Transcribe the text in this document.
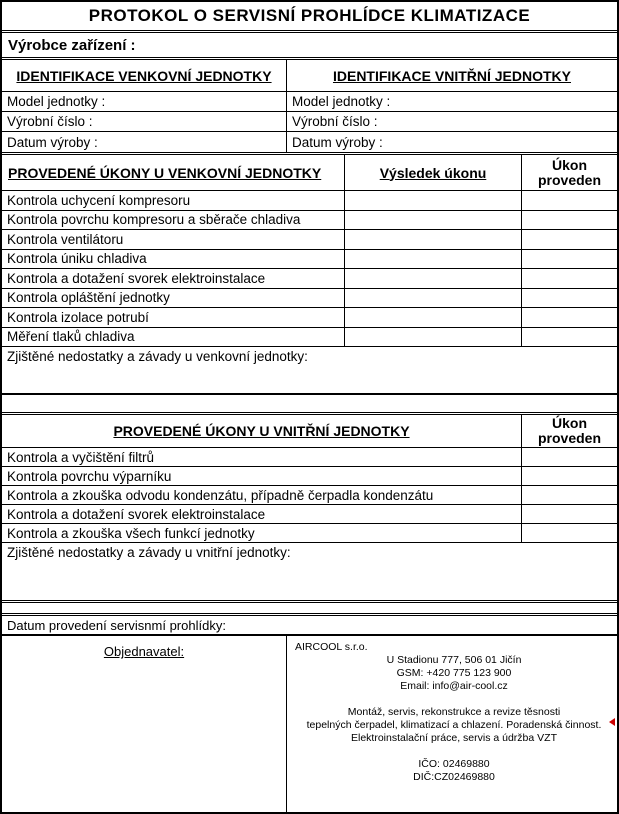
PROTOKOL O SERVISNÍ PROHLÍDCE KLIMATIZACE
Výrobce zařízení :
IDENTIFIKACE VENKOVNÍ JEDNOTKY	IDENTIFIKACE VNITŘNÍ JEDNOTKY
Model jednotky :	Model jednotky :
Výrobní číslo :	Výrobní číslo :
Datum výroby :	Datum výroby :
PROVEDENÉ ÚKONY U VENKOVNÍ JEDNOTKY	Výsledek úkonu	Úkon proveden
Kontrola uchycení kompresoru
Kontrola povrchu kompresoru a sběrače chladiva
Kontrola ventilátoru
Kontrola úniku chladiva
Kontrola a dotažení svorek elektroinstalace
Kontrola opláštění jednotky
Kontrola izolace potrubí
Měření tlaků chladiva
Zjištěné nedostatky a závady u venkovní jednotky:
PROVEDENÉ ÚKONY U VNITŘNÍ JEDNOTKY	Úkon proveden
Kontrola a vyčištění filtrů
Kontrola povrchu výparníku
Kontrola a zkouška odvodu kondenzátu, případně čerpadla kondenzátu
Kontrola a dotažení svorek elektroinstalace
Kontrola a zkouška všech funkcí jednotky
Zjištěné nedostatky a závady u vnitřní jednotky:
Datum provedení servisnmí prohlídky:
Objednavatel:	AIRCOOL s.r.o.
U Stadionu 777, 506 01 Jičín
GSM: +420 775 123 900
Email: info@air-cool.cz
Montáž, servis, rekonstrukce a revize těsnosti
tepelných čerpadel, klimatizací a chlazení. Poradenská činnost.
Elektroinstalační práce, servis a údržba VZT
IČO: 02469880
DIČ:CZ02469880
